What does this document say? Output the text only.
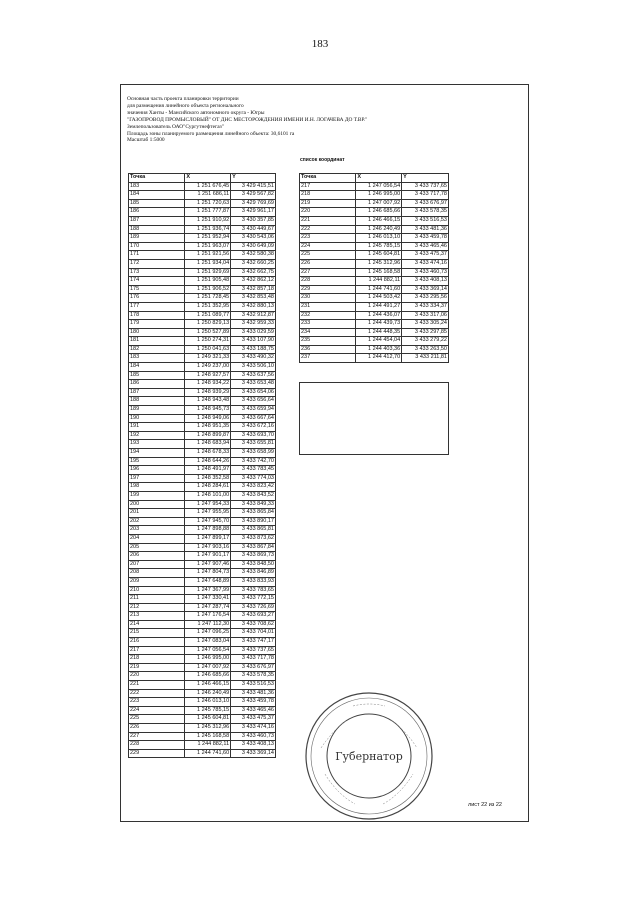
183
Основная часть проекта планировки территории
для размещения линейного объекта регионального
значения Ханты - Мансийского автономного округа - Югры
"ГАЗОПРОВОД ПРОМЫСЛОВЫЙ" ОТ ДНС МЕСТОРОЖДЕНИЯ ИМЕНИ И.Н. ЛОГАЧЕВА ДО Т.ВР."
Землепользователь ОАО"Сургутнефтегаз"
Площадь зоны планируемого размещения линейного объекта: 30,6101 га
Масштаб 1:5000
список координат
Точка	X	Y
183	1 251 676,45	3 429 415,51
184	1 251 686,11	3 429 567,82
185	1 251 720,63	3 429 769,69
186	1 251 777,87	3 429 961,17
187	1 251 910,92	3 430 357,85
188	1 251 936,74	3 430 449,67
189	1 251 952,94	3 430 543,06
170	1 251 963,07	3 430 649,09
171	1 251 921,56	3 432 580,38
172	1 251 934,04	3 432 660,25
173	1 251 929,69	3 432 662,75
174	1 251 905,48	3 432 862,12
175	1 251 906,52	3 432 857,18
176	1 251 728,45	3 432 853,48
177	1 251 352,95	3 432 880,13
178	1 251 089,77	3 432 912,87
179	1 250 829,13	3 432 959,33
180	1 250 527,89	3 433 029,59
181	1 250 274,31	3 433 107,90
182	1 250 041,63	3 433 188,75
183	1 249 321,33	3 433 490,32
184	1 249 237,00	3 433 506,10
185	1 248 927,57	3 433 637,56
186	1 248 934,22	3 433 653,48
187	1 248 939,29	3 433 654,06
188	1 248 943,48	3 433 656,64
189	1 248 945,73	3 433 659,94
190	1 248 949,06	3 433 667,64
191	1 248 951,35	3 433 672,16
192	1 248 899,87	3 433 693,70
193	1 248 683,94	3 433 655,81
194	1 248 678,33	3 433 658,99
195	1 248 644,26	3 433 742,70
196	1 248 491,97	3 433 783,45
197	1 248 352,58	3 433 774,03
198	1 248 284,61	3 433 823,42
199	1 248 101,00	3 433 843,52
200	1 247 954,33	3 433 849,33
201	1 247 955,95	3 433 865,84
202	1 247 945,70	3 433 890,17
203	1 247 898,88	3 433 865,81
204	1 247 899,17	3 433 873,62
205	1 247 903,16	3 433 867,84
206	1 247 901,17	3 433 869,73
207	1 247 907,46	3 433 848,50
208	1 247 804,73	3 433 846,89
209	1 247 648,89	3 433 833,93
210	1 247 367,99	3 433 783,65
211	1 247 330,41	3 433 772,15
212	1 247 287,74	3 433 726,69
213	1 247 176,54	3 433 693,27
214	1 247 112,30	3 433 708,62
215	1 247 096,25	3 433 704,01
216	1 247 083,04	3 433 747,17
217	1 247 056,54	3 433 737,65
218	1 246 995,00	3 433 717,78
219	1 247 007,92	3 433 676,97
220	1 246 685,66	3 433 578,35
221	1 246 466,15	3 433 516,53
222	1 246 240,49	3 433 481,36
223	1 246 013,10	3 433 459,78
224	1 245 785,15	3 433 465,46
225	1 245 604,81	3 433 475,37
226	1 245 312,96	3 433 474,16
227	1 245 168,58	3 433 460,73
228	1 244 882,11	3 433 408,13
229	1 244 741,60	3 433 369,14
Точка	X	Y
217	1 247 056,54	3 433 737,65
218	1 246 995,00	3 433 717,78
219	1 247 007,92	3 433 676,97
220	1 246 685,66	3 433 578,35
221	1 246 466,15	3 433 516,53
222	1 246 240,49	3 433 481,36
223	1 246 013,10	3 433 459,78
224	1 245 785,15	3 433 465,46
225	1 245 604,81	3 433 475,37
226	1 245 312,96	3 433 474,16
227	1 245 168,58	3 433 460,73
228	1 244 882,11	3 433 408,13
229	1 244 741,60	3 433 369,14
230	1 244 503,42	3 433 295,56
231	1 244 491,27	3 433 334,37
232	1 244 436,07	3 433 317,06
233	1 244 439,73	3 433 305,24
234	1 244 448,35	3 433 297,85
235	1 244 454,04	3 433 279,22
236	1 244 403,36	3 433 263,50
237	1 244 412,70	3 433 211,81
Губернатор
лист 22 из 22
